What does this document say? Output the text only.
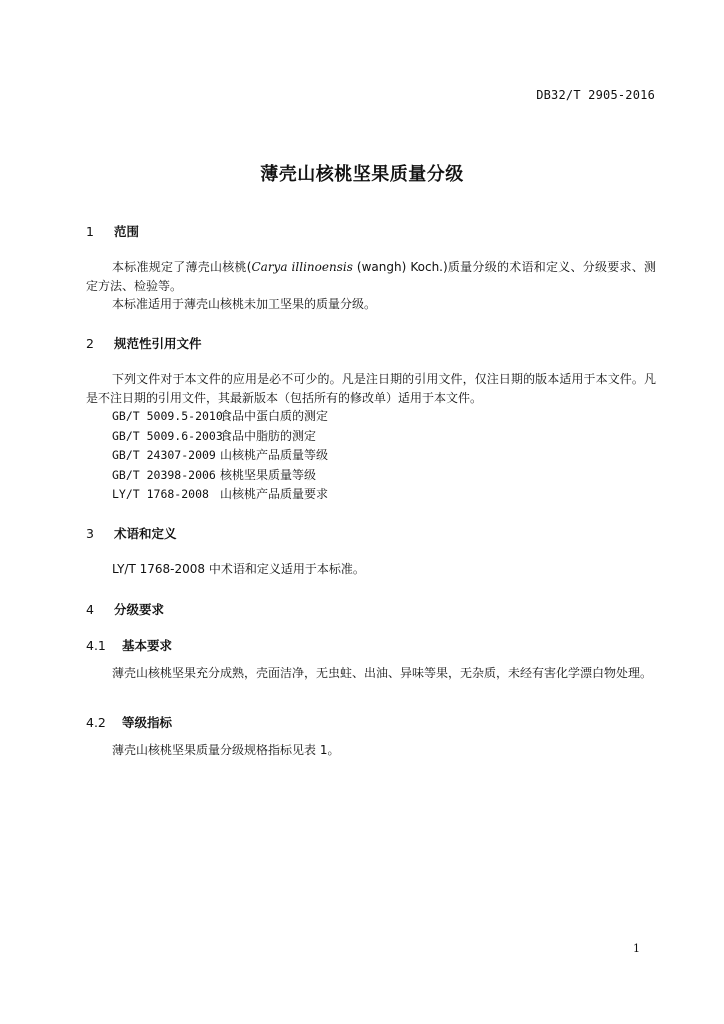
DB32/T 2905-2016
薄壳山核桃坚果质量分级
1 范围
本标准规定了薄壳山核桃(Carya illinoensis (wangh) Koch.)质量分级的术语和定义、分级要求、测定方法、检验等。
本标准适用于薄壳山核桃未加工坚果的质量分级。
2 规范性引用文件
下列文件对于本文件的应用是必不可少的。凡是注日期的引用文件，仅注日期的版本适用于本文件。凡是不注日期的引用文件，其最新版本（包括所有的修改单）适用于本文件。
GB/T 5009.5-2010食品中蛋白质的测定
GB/T 5009.6-2003食品中脂肪的测定
GB/T 24307-2009 山核桃产品质量等级
GB/T 20398-2006 核桃坚果质量等级
LY/T 1768-2008 山核桃产品质量要求
3 术语和定义
LY/T 1768-2008 中术语和定义适用于本标准。
4 分级要求
4.1 基本要求
薄壳山核桃坚果充分成熟，壳面洁净，无虫蛀、出油、异味等果，无杂质，未经有害化学漂白物处理。
4.2 等级指标
薄壳山核桃坚果质量分级规格指标见表 1。
1
